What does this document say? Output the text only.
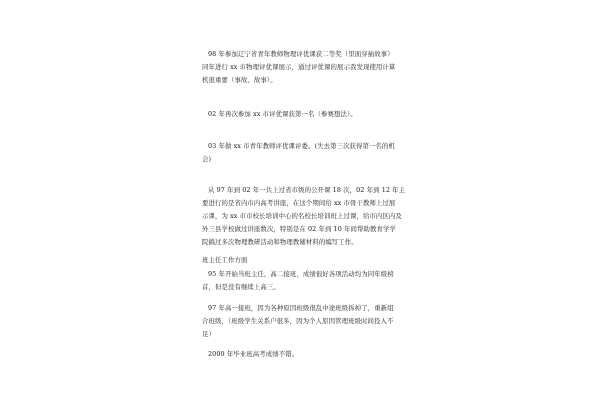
98 年参加辽宁省青年教师物理评优课获二等奖（里面穿插故事）
同年进行 xx 市物理评优课展示，通过评优课的展示我发现使用计算
机很重要（事故、故事）。
02 年再次参加 xx 市评优课获第一名（参赛想法）。
03 年做 xx 市青年教师评优课评委。(失去第三次获得第一名的机
会)
从 97 年到 02 年一共上过省市级的公开课 18 次，02 年到 12 年主
要进行的是省内市内高考讲座，在这个期间给 xx 市骨干教师上过展
示课，为 xx 市市校长培训中心的名校长培训班上过课，给市内区内及
外三县学校做过讲座数次，特别是在 02 年到 10 年间帮助教育学学
院搞过多次物理教研活动和物理教辅材料的编写工作。
班主任工作方面
95 年开始当班主任，高二接班，成绩很好各项活动均为同年级榜
首，但是没有继续上高三。
97 年高一接班，因为各种原因班级很乱中途班级拆掉了，重新组
合班级，（班级学生关系户很多，因为个人原因管理班级时间投入不
足）
2000 年毕业班高考成绩不错。
